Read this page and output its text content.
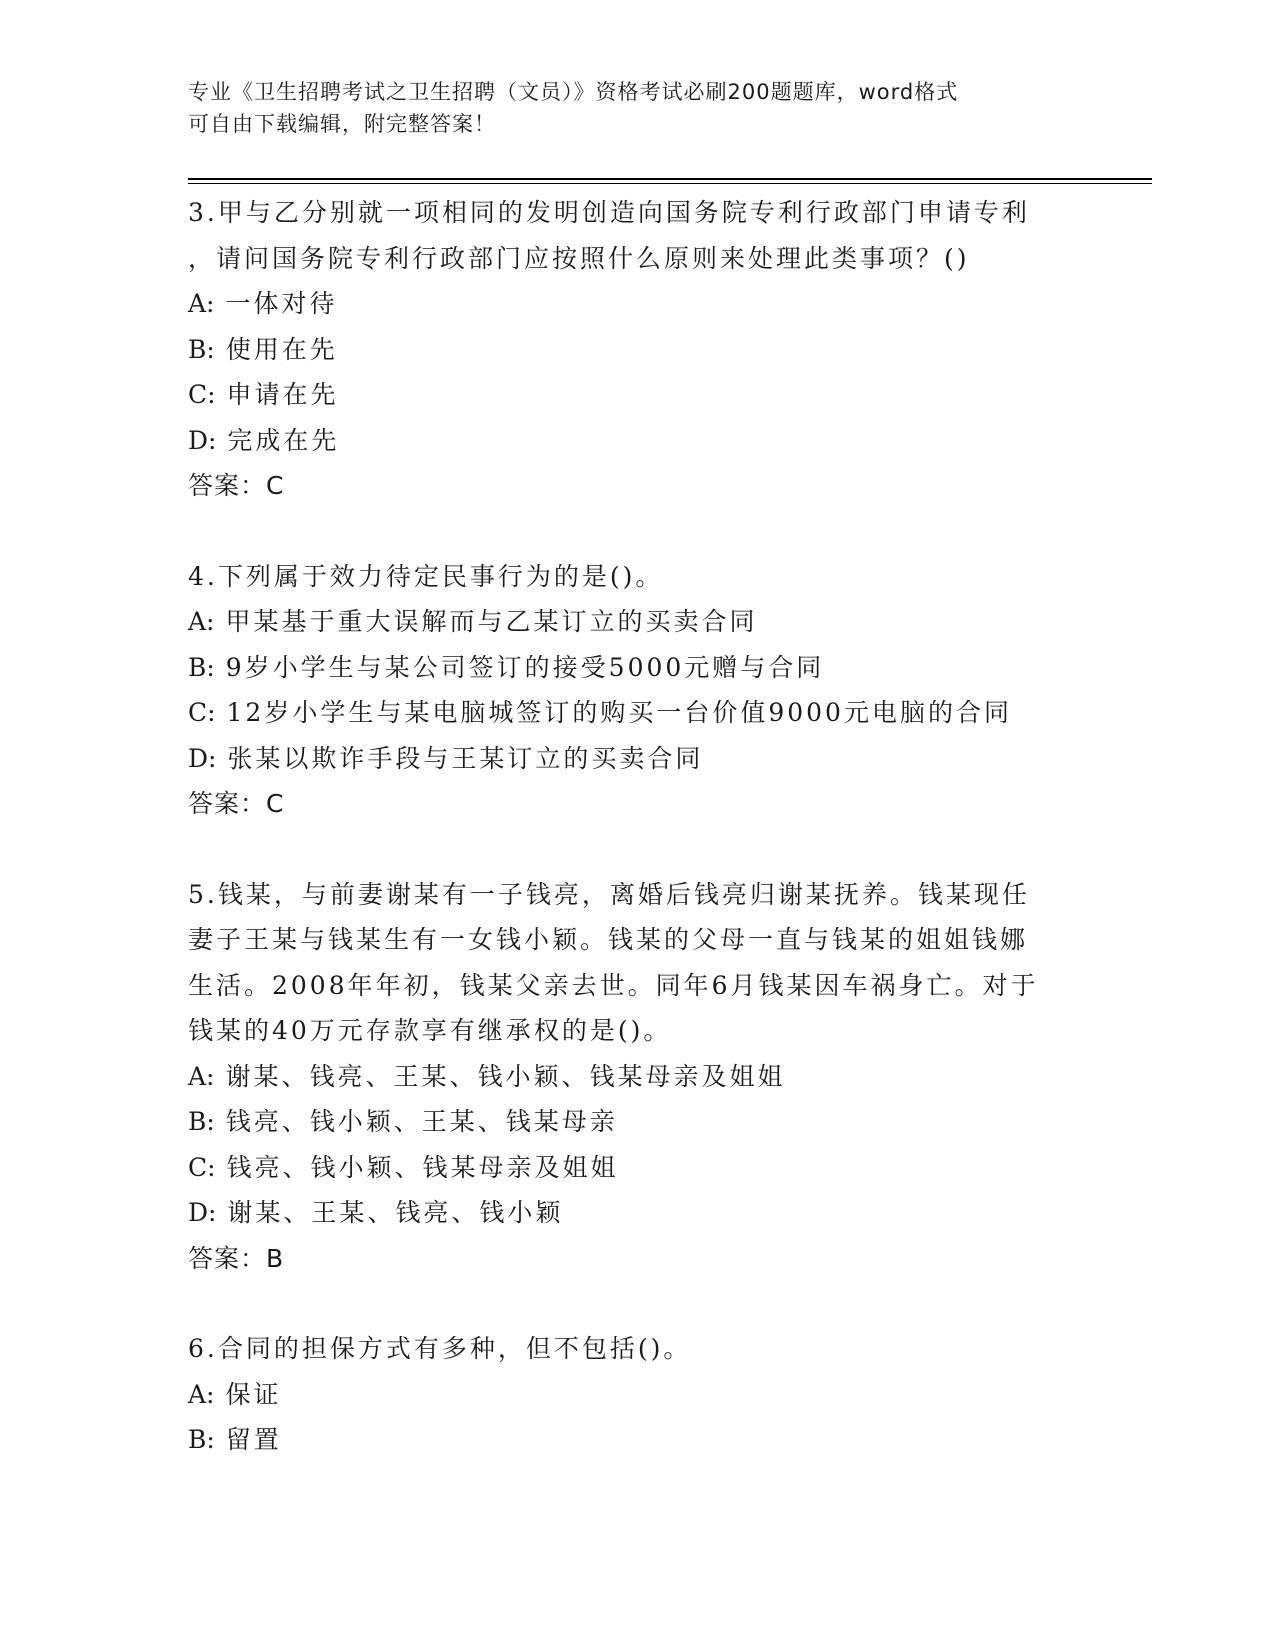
专业《卫生招聘考试之卫生招聘（文员）》资格考试必刷200题题库，word格式
可自由下载编辑，附完整答案！
3.甲与乙分别就一项相同的发明创造向国务院专利行政部门申请专利
，请问国务院专利行政部门应按照什么原则来处理此类事项？()
A: 一体对待
B: 使用在先
C: 申请在先
D: 完成在先
答案：C
4.下列属于效力待定民事行为的是()。
A: 甲某基于重大误解而与乙某订立的买卖合同
B: 9岁小学生与某公司签订的接受5000元赠与合同
C: 12岁小学生与某电脑城签订的购买一台价值9000元电脑的合同
D: 张某以欺诈手段与王某订立的买卖合同
答案：C
5.钱某，与前妻谢某有一子钱亮，离婚后钱亮归谢某抚养。钱某现任
妻子王某与钱某生有一女钱小颖。钱某的父母一直与钱某的姐姐钱娜
生活。2008年年初，钱某父亲去世。同年6月钱某因车祸身亡。对于
钱某的40万元存款享有继承权的是()。
A: 谢某、钱亮、王某、钱小颖、钱某母亲及姐姐
B: 钱亮、钱小颖、王某、钱某母亲
C: 钱亮、钱小颖、钱某母亲及姐姐
D: 谢某、王某、钱亮、钱小颖
答案：B
6.合同的担保方式有多种，但不包括()。
A: 保证
B: 留置
